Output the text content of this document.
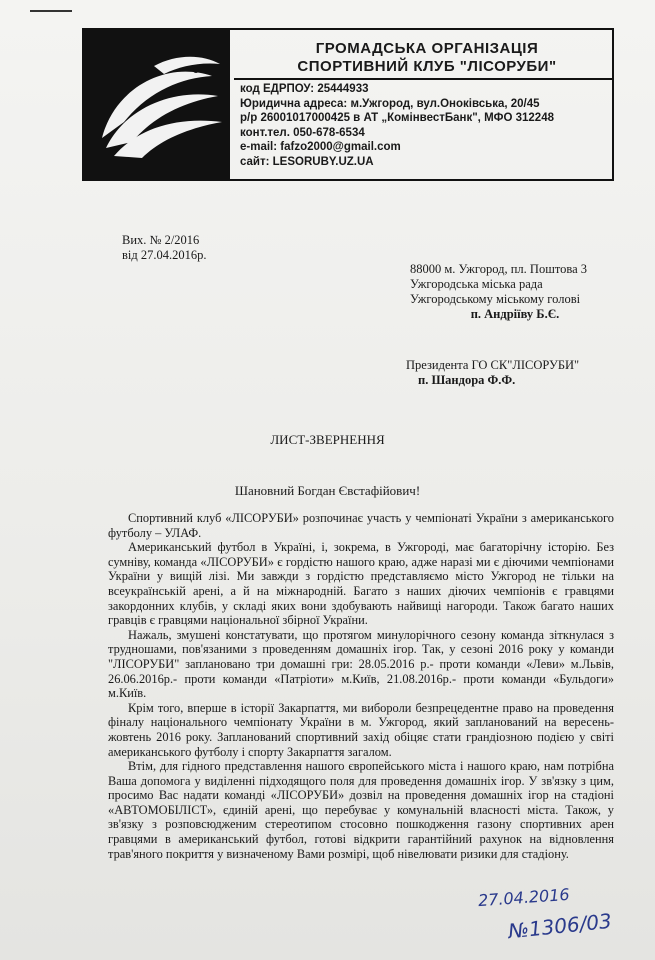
ГРОМАДСЬКА ОРГАНІЗАЦІЯ
СПОРТИВНИЙ КЛУБ "ЛІСОРУБИ"
код ЕДРПОУ: 25444933
Юридична адреса: м.Ужгород, вул.Оноківська, 20/45
р/р 26001017000425 в АТ „КомінвестБанк", МФО 312248
конт.тел. 050-678-6534
e-mail: fafzo2000@gmail.com
сайт: LESORUBY.UZ.UA
Вих. № 2/2016
від 27.04.2016р.
88000 м. Ужгород, пл. Поштова 3
Ужгородська міська рада
Ужгородському міському голові
п. Андріїву Б.Є.
Президента ГО СК"ЛІСОРУБИ"
п. Шандора Ф.Ф.
ЛИСТ-ЗВЕРНЕННЯ
Шановний Богдан Євстафійович!

Спортивний клуб «ЛІСОРУБИ» розпочинає участь у чемпіонаті України з американського футболу – УЛАФ.

Американський футбол в Україні, і, зокрема, в Ужгороді, має багаторічну історію. Без сумніву, команда «ЛІСОРУБИ» є гордістю нашого краю, адже наразі ми є діючими чемпіонами України у вищій лізі. Ми завжди з гордістю представляємо місто Ужгород не тільки на всеукраїнській арені, а й на міжнародній. Багато з наших діючих чемпіонів є гравцями закордонних клубів, у складі яких вони здобувають найвищі нагороди. Також багато наших гравців є гравцями національної збірної України.

Нажаль, змушені констатувати, що протягом минулорічного сезону команда зіткнулася з трудношами, пов'язаними з проведенням домашніх ігор. Так, у сезоні 2016 року у команди "ЛІСОРУБИ" заплановано три домашні гри: 28.05.2016 р.- проти команди «Леви» м.Львів, 26.06.2016р.- проти команди «Патріоти» м.Київ, 21.08.2016р.- проти команди «Бульдоги» м.Київ.

Крім того, вперше в історії Закарпаття, ми вибороли безпрецедентне право на проведення фіналу національного чемпіонату України в м. Ужгород, який запланований на вересень-жовтень 2016 року. Запланований спортивний захід обіцяє стати грандіозною подією у світі американського футболу і спорту Закарпаття загалом.

Втім, для гідного представлення нашого європейського міста і нашого краю, нам потрібна Ваша допомога у виділенні підходящого поля для проведення домашніх ігор. У зв'язку з цим, просимо Вас надати команді «ЛІСОРУБИ» дозвіл на проведення домашніх ігор на стадіоні «АВТОМОБІЛІСТ», єдиній арені, що перебуває у комунальній власності міста. Також, у зв'язку з розповсюдженим стереотипом стосовно пошкодження газону спортивних арен гравцями в американський футбол, готові відкрити гарантійний рахунок на відновлення трав'яного покриття у визначеному Вами розмірі, щоб нівелювати ризики для стадіону.

27.04.2016
№1306/03
